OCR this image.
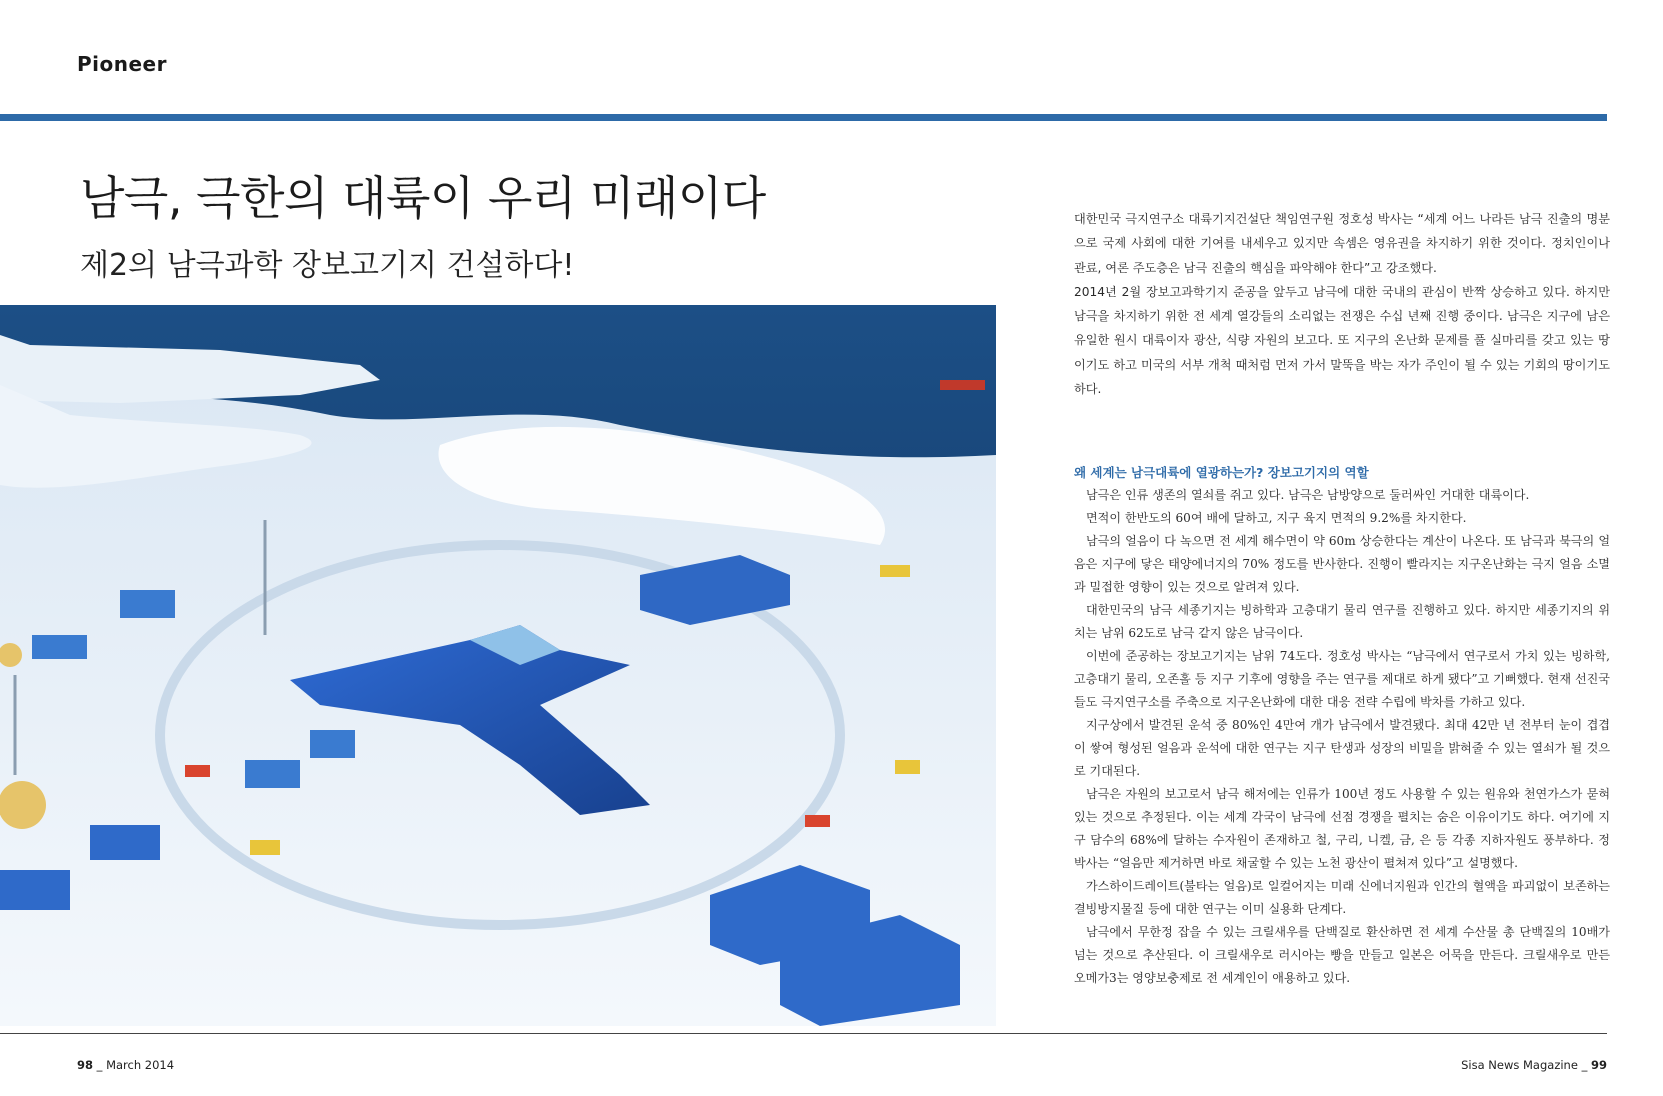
Pioneer
남극, 극한의 대륙이 우리 미래이다
제2의 남극과학 장보고기지 건설하다!

대한민국 극지연구소 대륙기지건설단 책임연구원 정호성 박사는 “세계 어느 나라든 남극 진출의 명분으로 국제 사회에 대한 기여를 내세우고 있지만 속셈은 영유권을 차지하기 위한 것이다. 정치인이나 관료, 여론 주도층은 남극 진출의 핵심을 파악해야 한다”고 강조했다.

2014년 2월 장보고과학기지 준공을 앞두고 남극에 대한 국내의 관심이 반짝 상승하고 있다. 하지만 남극을 차지하기 위한 전 세계 열강들의 소리없는 전쟁은 수십 년째 진행 중이다. 남극은 지구에 남은 유일한 원시 대륙이자 광산, 식량 자원의 보고다. 또 지구의 온난화 문제를 풀 실마리를 갖고 있는 땅이기도 하고 미국의 서부 개척 때처럼 먼저 가서 말뚝을 박는 자가 주인이 될 수 있는 기회의 땅이기도 하다.

왜 세계는 남극대륙에 열광하는가? 장보고기지의 역할

남극은 인류 생존의 열쇠를 쥐고 있다. 남극은 남방양으로 둘러싸인 거대한 대륙이다.

면적이 한반도의 60여 배에 달하고, 지구 육지 면적의 9.2%를 차지한다.

남극의 얼음이 다 녹으면 전 세계 해수면이 약 60m 상승한다는 계산이 나온다. 또 남극과 북극의 얼음은 지구에 닿은 태양에너지의 70% 정도를 반사한다. 진행이 빨라지는 지구온난화는 극지 얼음 소멸과 밀접한 영향이 있는 것으로 알려져 있다.

대한민국의 남극 세종기지는 빙하학과 고층대기 물리 연구를 진행하고 있다. 하지만 세종기지의 위치는 남위 62도로 남극 같지 않은 남극이다.

이번에 준공하는 장보고기지는 남위 74도다. 정호성 박사는 “남극에서 연구로서 가치 있는 빙하학, 고층대기 물리, 오존홀 등 지구 기후에 영향을 주는 연구를 제대로 하게 됐다”고 기뻐했다. 현재 선진국들도 극지연구소를 주축으로 지구온난화에 대한 대응 전략 수립에 박차를 가하고 있다.

지구상에서 발견된 운석 중 80%인 4만여 개가 남극에서 발견됐다. 최대 42만 년 전부터 눈이 겹겹이 쌓여 형성된 얼음과 운석에 대한 연구는 지구 탄생과 성장의 비밀을 밝혀줄 수 있는 열쇠가 될 것으로 기대된다.

남극은 자원의 보고로서 남극 해저에는 인류가 100년 정도 사용할 수 있는 원유와 천연가스가 묻혀 있는 것으로 추정된다. 이는 세계 각국이 남극에 선점 경쟁을 펼치는 숨은 이유이기도 하다. 여기에 지구 담수의 68%에 달하는 수자원이 존재하고 철, 구리, 니켈, 금, 은 등 각종 지하자원도 풍부하다. 정 박사는 “얼음만 제거하면 바로 채굴할 수 있는 노천 광산이 펼쳐져 있다”고 설명했다.

가스하이드레이트(불타는 얼음)로 일컬어지는 미래 신에너지원과 인간의 혈액을 파괴없이 보존하는 결빙방지물질 등에 대한 연구는 이미 실용화 단계다.

남극에서 무한정 잡을 수 있는 크릴새우를 단백질로 환산하면 전 세계 수산물 총 단백질의 10배가 넘는 것으로 추산된다. 이 크릴새우로 러시아는 빵을 만들고 일본은 어묵을 만든다. 크릴새우로 만든 오메가3는 영양보충제로 전 세계인이 애용하고 있다.

98 _ March 2014	Sisa News Magazine _ 99
